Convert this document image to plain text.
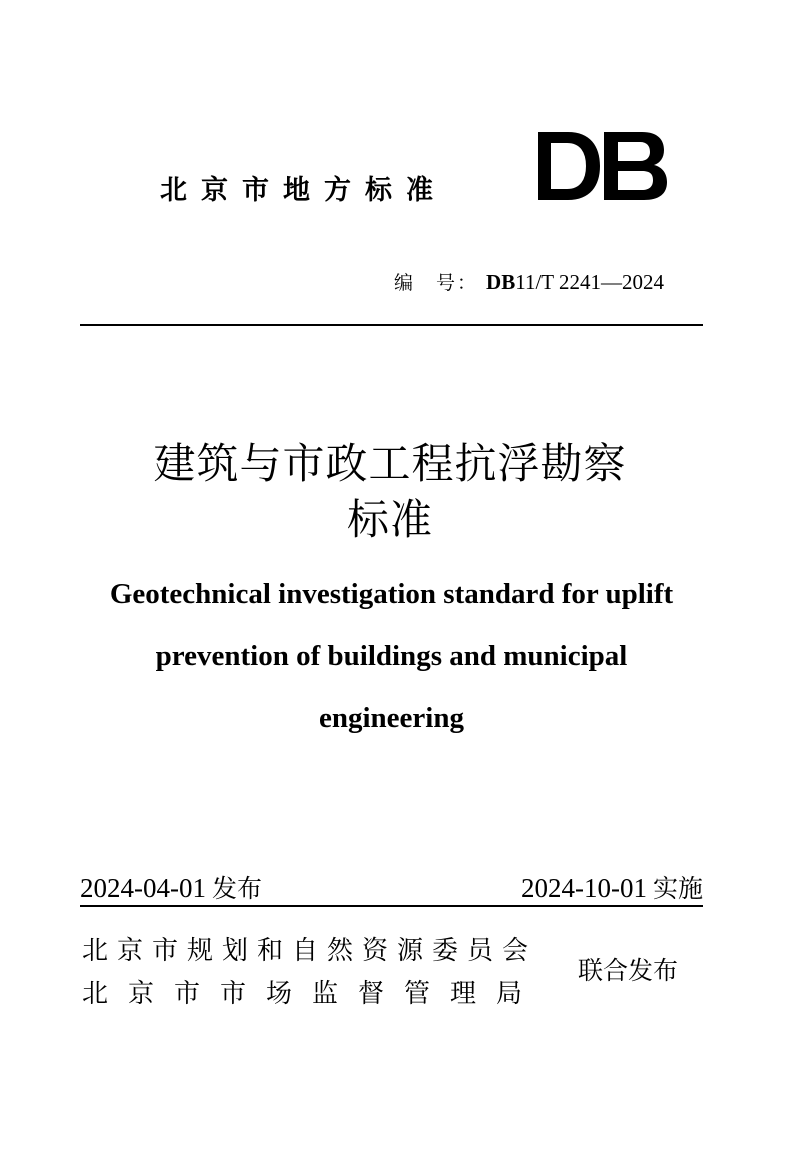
北京市地方标准
编　号： DB11/T 2241—2024
建筑与市政工程抗浮勘察
标准
Geotechnical investigation standard for uplift
prevention of buildings and municipal
engineering
2024-04-01 发布	2024-10-01 实施
北京市规划和自然资源委员会
北京市市场监督管理局
联合发布
